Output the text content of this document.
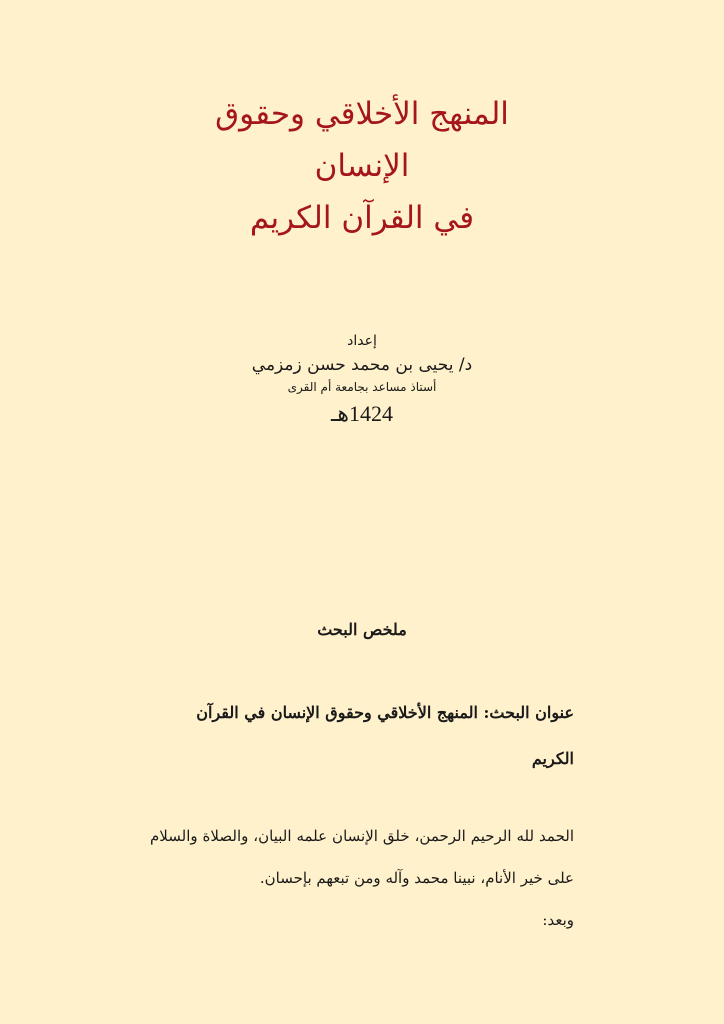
المنهج الأخلاقي وحقوق
الإنسان
في القرآن الكريم
إعداد
د/ يحيى بن محمد حسن زمزمي
أستاذ مساعد بجامعة أم القرى
1424هـ
ملخص البحث
عنوان البحث: المنهج الأخلاقي وحقوق الإنسان في القرآن الكريم
الحمد لله الرحيم الرحمن، خلق الإنسان علمه البيان، والصلاة والسلام على خير الأنام، نبينا محمد وآله ومن تبعهم بإحسان.
وبعد:
